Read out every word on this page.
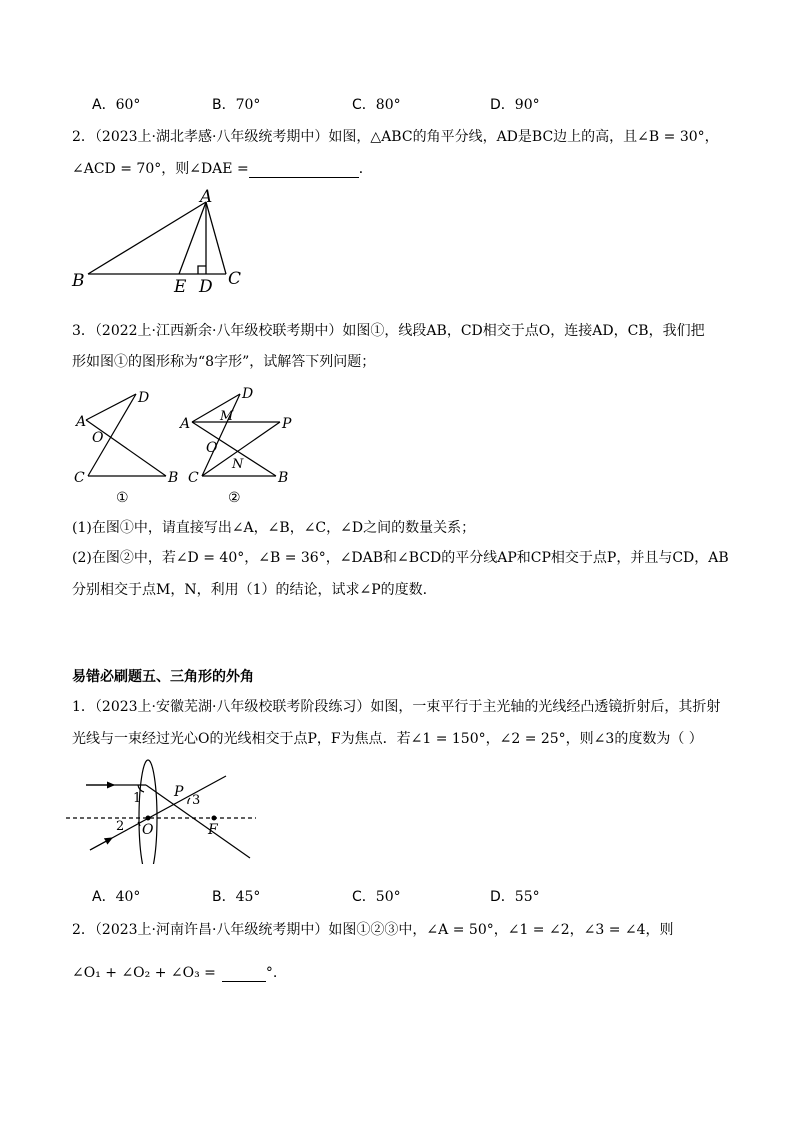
A．60°	B．70°	C．80°	D．90°
2．（2023上·湖北孝感·八年级统考期中）如图，△ABC的角平分线，AD是BC边上的高，且∠B = 30°，
∠ACD = 70°，则∠DAE =	．
A
B	C
D
E
3．（2022上·江西新余·八年级校联考期中）如图①，线段AB，CD相交于点O，连接AD，CB，我们把
形如图①的图形称为“8字形”，试解答下列问题；
A
D
O
C	B
①
A
D
M	P
O
N
C	B
②
(1)在图①中，请直接写出∠A，∠B，∠C，∠D之间的数量关系；
(2)在图②中，若∠D = 40°，∠B = 36°，∠DAB和∠BCD的平分线AP和CP相交于点P，并且与CD，AB
分别相交于点M，N，利用（1）的结论，试求∠P的度数.
易错必刷题五、三角形的外角
1．（2023上·安徽芜湖·八年级校联考阶段练习）如图，一束平行于主光轴的光线经凸透镜折射后，其折射
光线与一束经过光心O的光线相交于点P，F为焦点．若∠1 = 150°，∠2 = 25°，则∠3的度数为（ ）
1
2
3
P
O	F
A．40°	B．45°	C．50°	D．55°
2．（2023上·河南许昌·八年级统考期中）如图①②③中，∠A = 50°，∠1 = ∠2，∠3 = ∠4，则
∠O₁ + ∠O₂ + ∠O₃ =	°.
